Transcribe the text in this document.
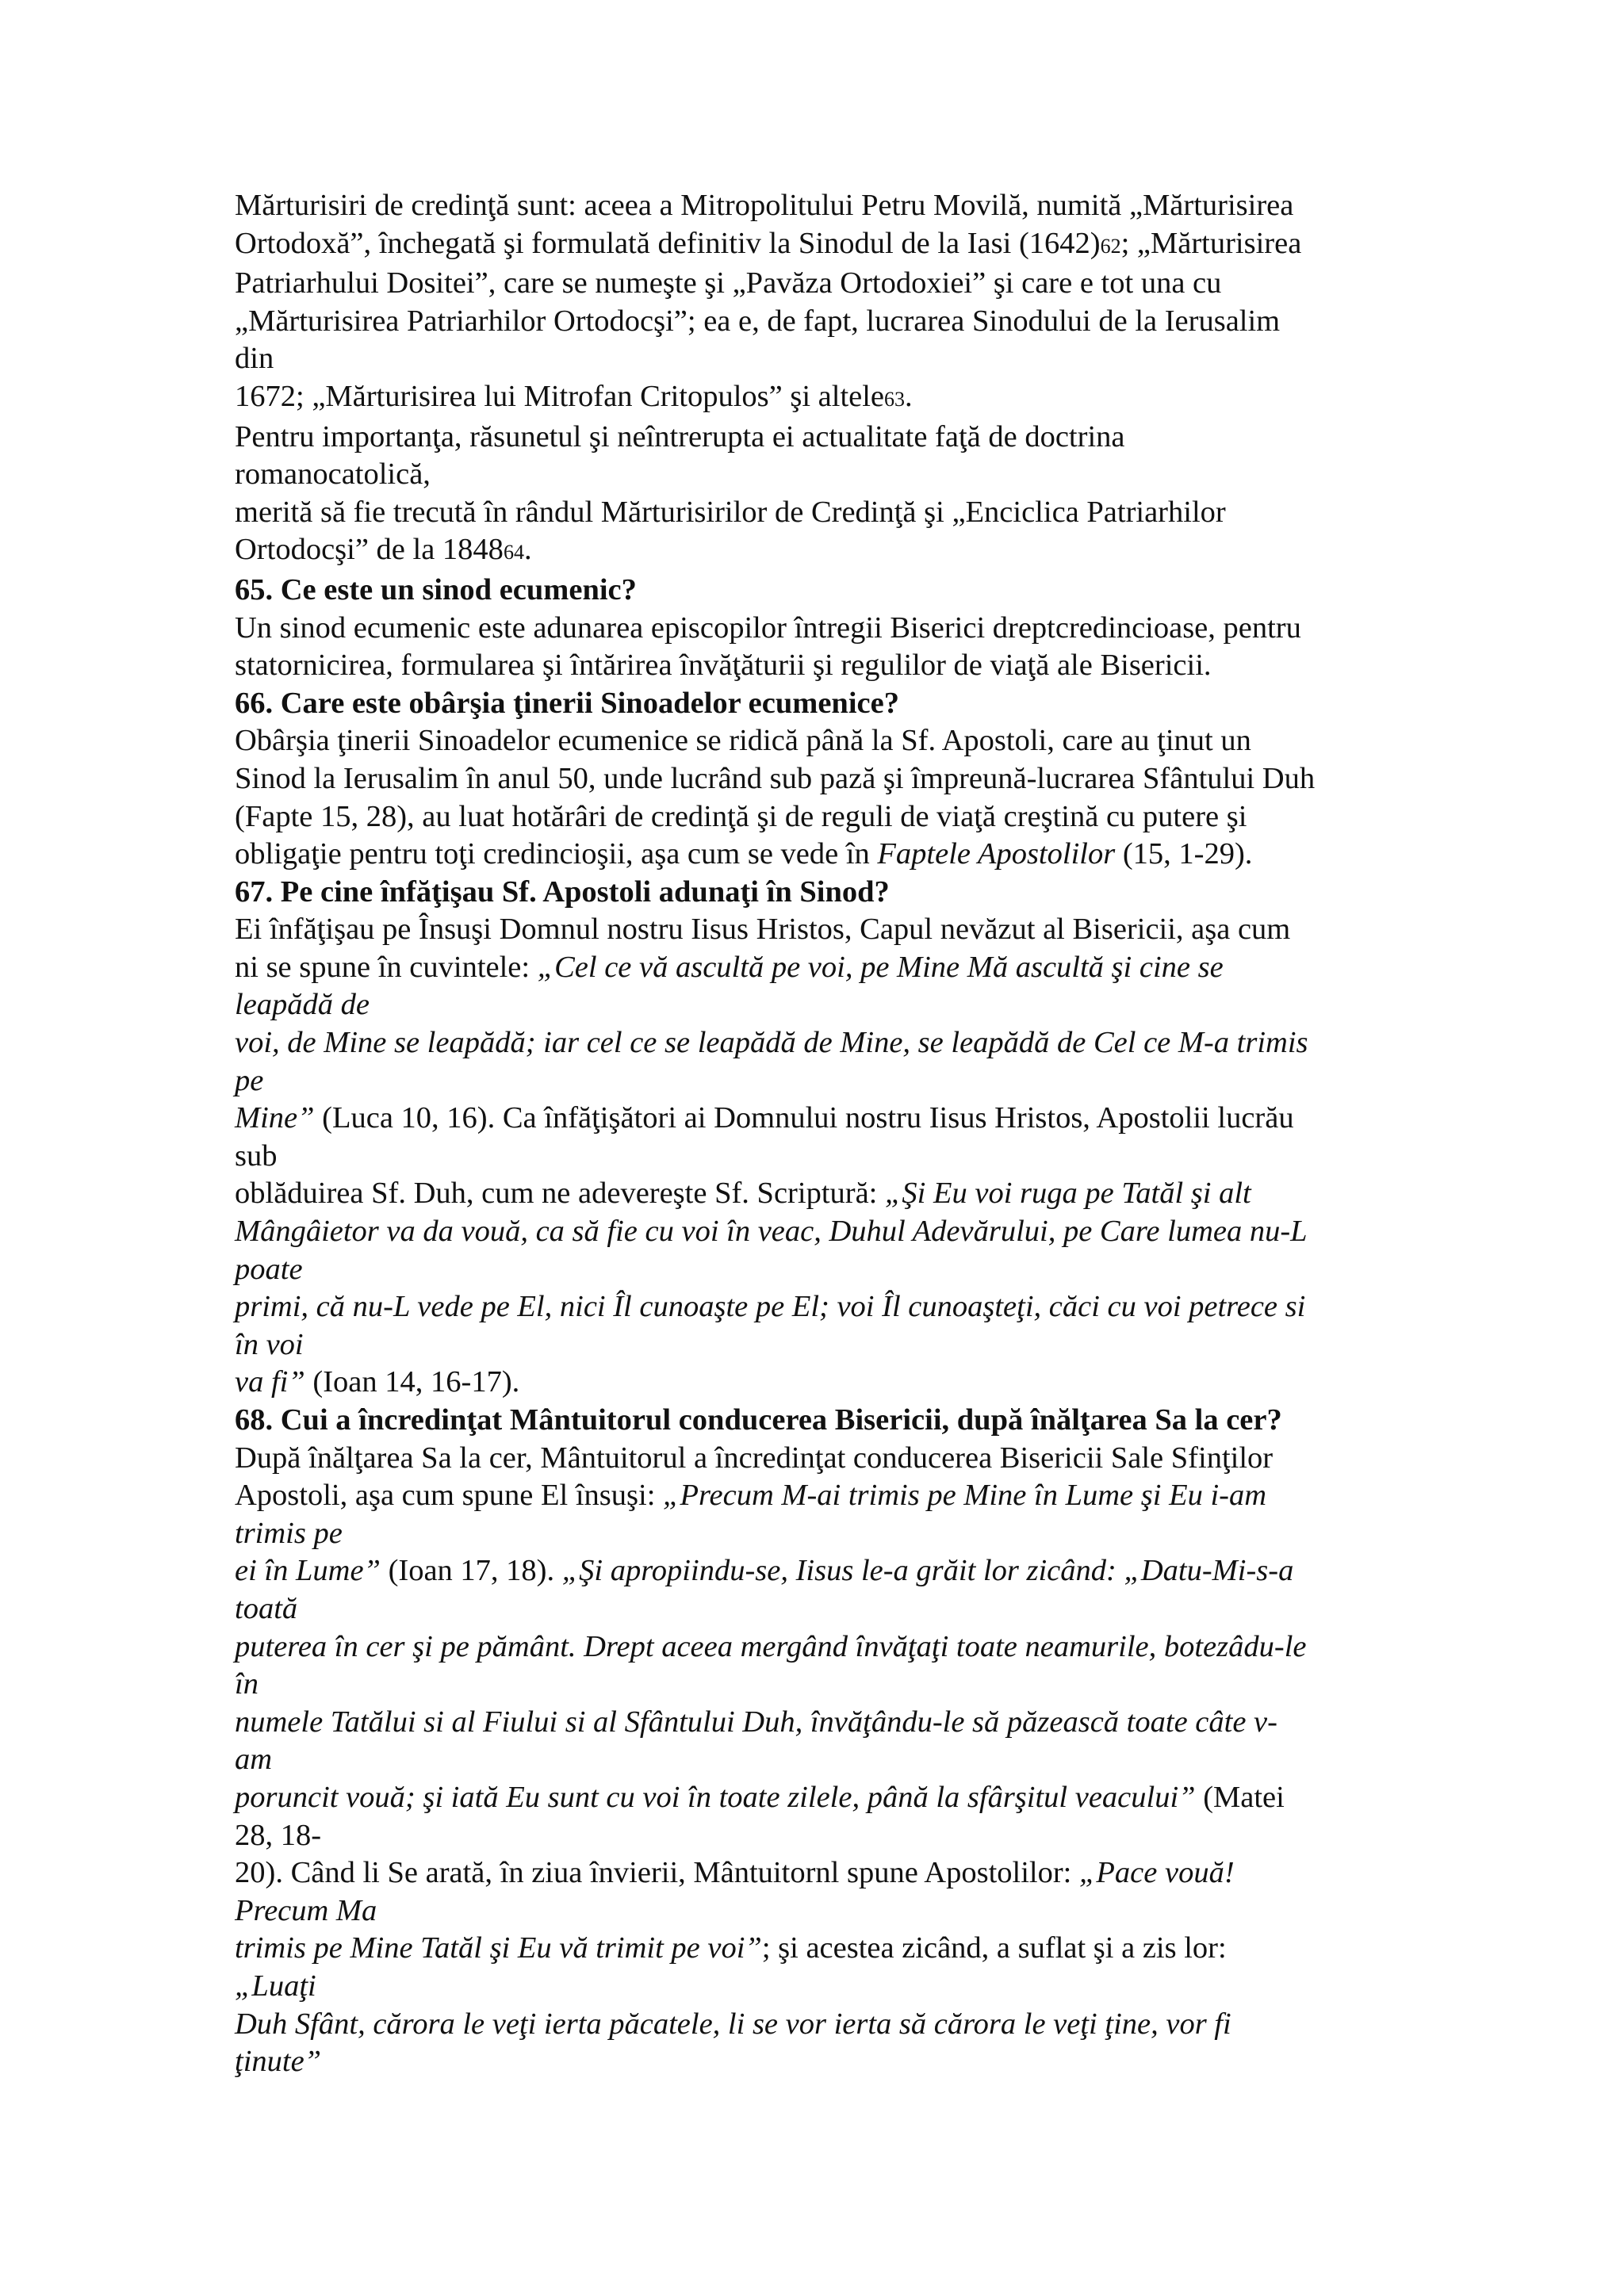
Mărturisiri de credinţă sunt: aceea a Mitropolitului Petru Movilă, numită „Mărturisirea
Ortodoxă”, închegată şi formulată definitiv la Sinodul de la Iasi (1642)62; „Mărturisirea
Patriarhului Dositei”, care se numeşte şi „Pavăza Ortodoxiei” şi care e tot una cu
„Mărturisirea Patriarhilor Ortodocşi”; ea e, de fapt, lucrarea Sinodului de la Ierusalim
din
1672; „Mărturisirea lui Mitrofan Critopulos” şi altele63.
Pentru importanţa, răsunetul şi neîntrerupta ei actualitate faţă de doctrina
romanocatolică,
merită să fie trecută în rândul Mărturisirilor de Credinţă şi „Enciclica Patriarhilor
Ortodocşi” de la 184864.
65. Ce este un sinod ecumenic?
Un sinod ecumenic este adunarea episcopilor întregii Biserici dreptcredincioase, pentru
statornicirea, formularea şi întărirea învăţăturii şi regulilor de viaţă ale Bisericii.
66. Care este obârşia ţinerii Sinoadelor ecumenice?
Obârşia ţinerii Sinoadelor ecumenice se ridică până la Sf. Apostoli, care au ţinut un
Sinod la Ierusalim în anul 50, unde lucrând sub pază şi împreună-lucrarea Sfântului Duh
(Fapte 15, 28), au luat hotărâri de credinţă şi de reguli de viaţă creştină cu putere şi
obligaţie pentru toţi credincioşii, aşa cum se vede în Faptele Apostolilor (15, 1-29).
67. Pe cine înfăţişau Sf. Apostoli adunaţi în Sinod?
Ei înfăţişau pe Însuşi Domnul nostru Iisus Hristos, Capul nevăzut al Bisericii, aşa cum
ni se spune în cuvintele: „Cel ce vă ascultă pe voi, pe Mine Mă ascultă şi cine se
leapădă de
voi, de Mine se leapădă; iar cel ce se leapădă de Mine, se leapădă de Cel ce M-a trimis
pe
Mine” (Luca 10, 16). Ca înfăţişători ai Domnului nostru Iisus Hristos, Apostolii lucrău
sub
oblăduirea Sf. Duh, cum ne adevereşte Sf. Scriptură: „Şi Eu voi ruga pe Tatăl şi alt
Mângâietor va da vouă, ca să fie cu voi în veac, Duhul Adevărului, pe Care lumea nu-L
poate
primi, că nu-L vede pe El, nici Îl cunoaşte pe El; voi Îl cunoaşteţi, căci cu voi petrece si
în voi
va fi” (Ioan 14, 16-17).
68. Cui a încredinţat Mântuitorul conducerea Bisericii, după înălţarea Sa la cer?
După înălţarea Sa la cer, Mântuitorul a încredinţat conducerea Bisericii Sale Sfinţilor
Apostoli, aşa cum spune El însuşi: „Precum M-ai trimis pe Mine în Lume şi Eu i-am
trimis pe
ei în Lume” (Ioan 17, 18). „Şi apropiindu-se, Iisus le-a grăit lor zicând: „Datu-Mi-s-a
toată
puterea în cer şi pe pământ. Drept aceea mergând învăţaţi toate neamurile, botezâdu-le
în
numele Tatălui si al Fiului si al Sfântului Duh, învăţându-le să păzească toate câte v-
am
poruncit vouă; şi iată Eu sunt cu voi în toate zilele, până la sfârşitul veacului” (Matei
28, 18-
20). Când li Se arată, în ziua învierii, Mântuitornl spune Apostolilor: „Pace vouă!
Precum Ma
trimis pe Mine Tatăl şi Eu vă trimit pe voi”; şi acestea zicând, a suflat şi a zis lor:
„Luaţi
Duh Sfânt, cărora le veţi ierta păcatele, li se vor ierta să cărora le veţi ţine, vor fi
ţinute”
